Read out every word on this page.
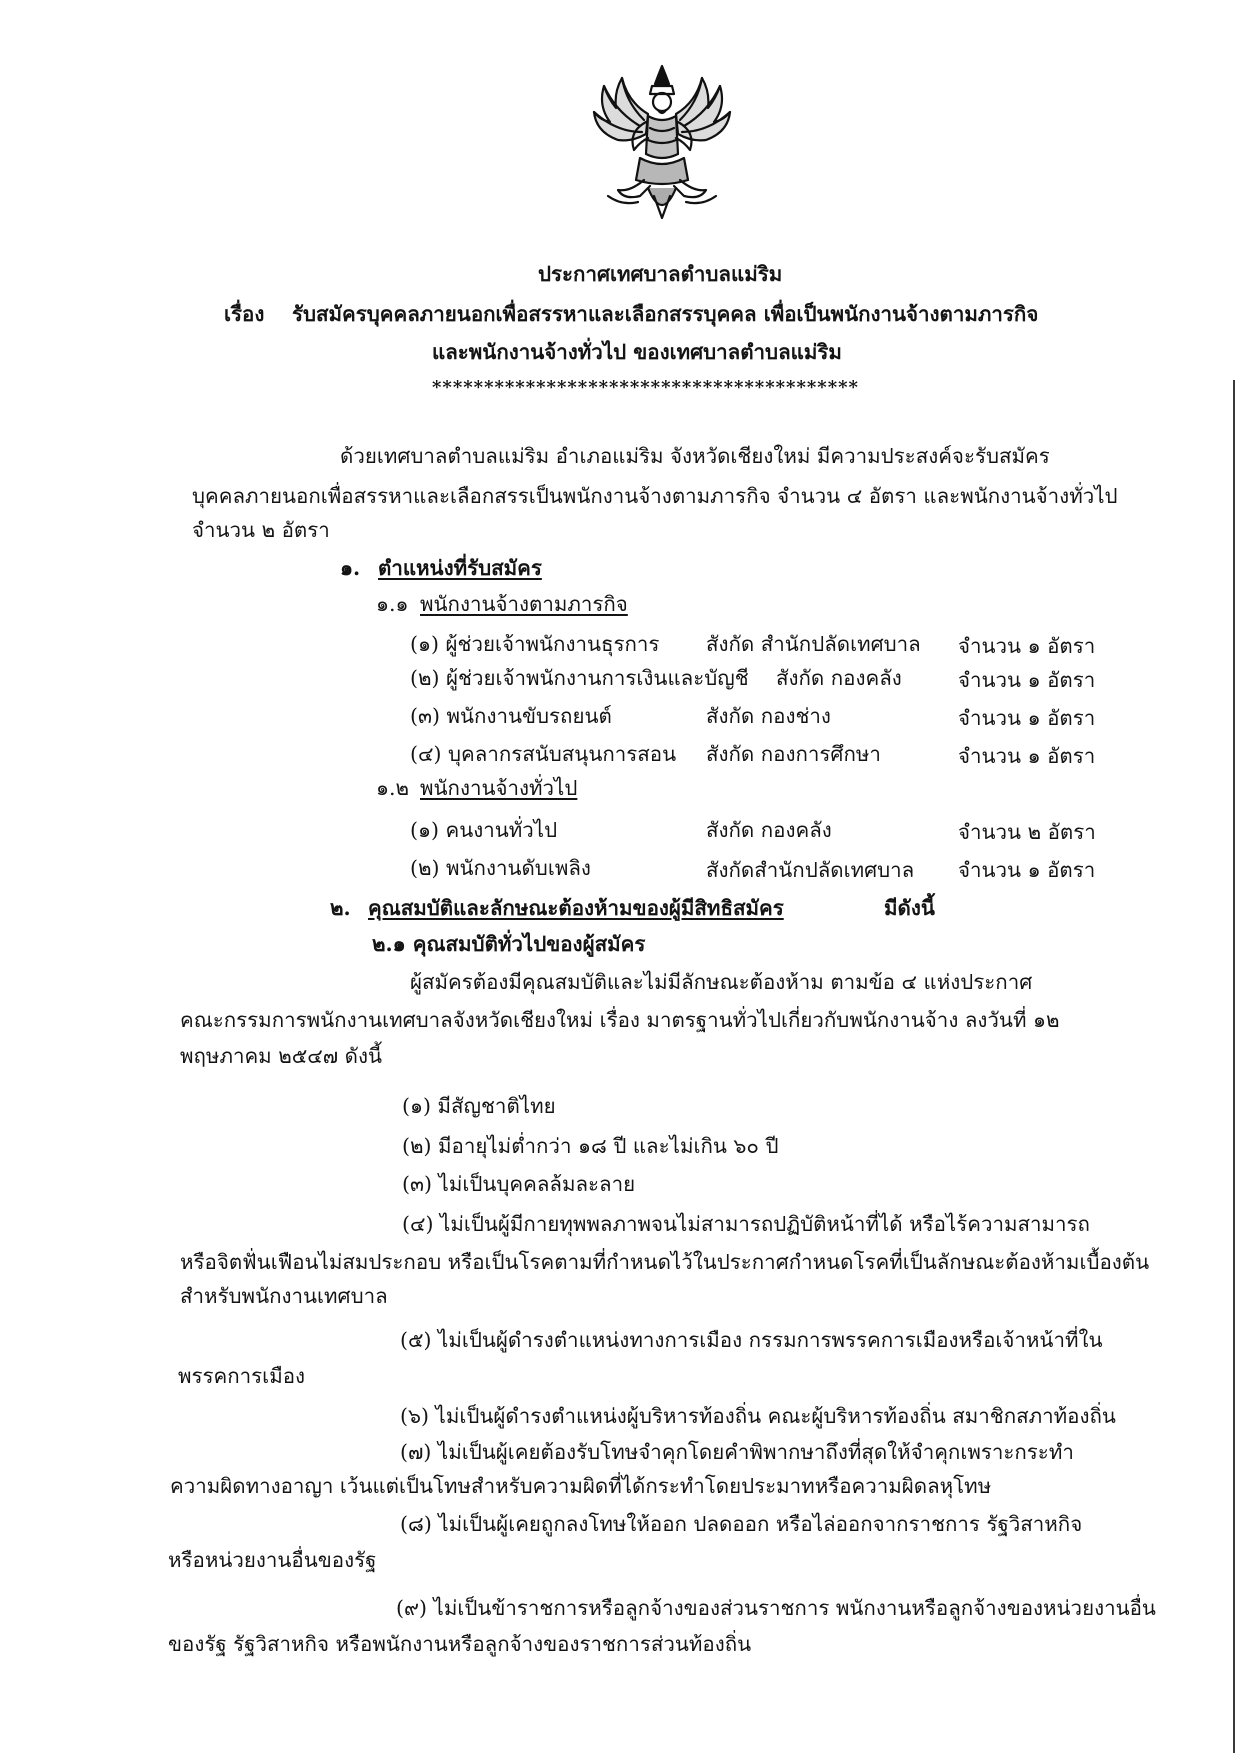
ประกาศเทศบาลตำบลแม่ริม
เรื่อง รับสมัครบุคคลภายนอกเพื่อสรรหาและเลือกสรรบุคคล เพื่อเป็นพนักงานจ้างตามภารกิจ
และพนักงานจ้างทั่วไป ของเทศบาลตำบลแม่ริม
*****************************************
ด้วยเทศบาลตำบลแม่ริม อำเภอแม่ริม จังหวัดเชียงใหม่ มีความประสงค์จะรับสมัคร
บุคคลภายนอกเพื่อสรรหาและเลือกสรรเป็นพนักงานจ้างตามภารกิจ จำนวน ๔ อัตรา และพนักงานจ้างทั่วไป
จำนวน ๒ อัตรา
๑. ตำแหน่งที่รับสมัคร
๑.๑ พนักงานจ้างตามภารกิจ
(๑) ผู้ช่วยเจ้าพนักงานธุรการ สังกัด สำนักปลัดเทศบาล จำนวน ๑ อัตรา
(๒) ผู้ช่วยเจ้าพนักงานการเงินและบัญชี สังกัด กองคลัง	จำนวน ๑ อัตรา
(๓) พนักงานขับรถยนต์	สังกัด กองช่าง	จำนวน ๑ อัตรา
(๔) บุคลากรสนับสนุนการสอน สังกัด กองการศึกษา	จำนวน ๑ อัตรา
๑.๒ พนักงานจ้างทั่วไป
(๑) คนงานทั่วไป	สังกัด กองคลัง	จำนวน ๒ อัตรา
(๒) พนักงานดับเพลิง	สังกัดสำนักปลัดเทศบาล จำนวน ๑ อัตรา
๒. คุณสมบัติและลักษณะต้องห้ามของผู้มีสิทธิสมัคร	มีดังนี้
๒.๑ คุณสมบัติทั่วไปของผู้สมัคร
ผู้สมัครต้องมีคุณสมบัติและไม่มีลักษณะต้องห้าม ตามข้อ ๔ แห่งประกาศ
คณะกรรมการพนักงานเทศบาลจังหวัดเชียงใหม่ เรื่อง มาตรฐานทั่วไปเกี่ยวกับพนักงานจ้าง ลงวันที่ ๑๒
พฤษภาคม ๒๕๔๗ ดังนี้
(๑) มีสัญชาติไทย
(๒) มีอายุไม่ต่ำกว่า ๑๘ ปี และไม่เกิน ๖๐ ปี
(๓) ไม่เป็นบุคคลล้มละลาย
(๔) ไม่เป็นผู้มีกายทุพพลภาพจนไม่สามารถปฏิบัติหน้าที่ได้ หรือไร้ความสามารถ
หรือจิตฟั่นเฟือนไม่สมประกอบ หรือเป็นโรคตามที่กำหนดไว้ในประกาศกำหนดโรคที่เป็นลักษณะต้องห้ามเบื้องต้น
สำหรับพนักงานเทศบาล
(๕) ไม่เป็นผู้ดำรงตำแหน่งทางการเมือง กรรมการพรรคการเมืองหรือเจ้าหน้าที่ใน
พรรคการเมือง
(๖) ไม่เป็นผู้ดำรงตำแหน่งผู้บริหารท้องถิ่น คณะผู้บริหารท้องถิ่น สมาชิกสภาท้องถิ่น
(๗) ไม่เป็นผู้เคยต้องรับโทษจำคุกโดยคำพิพากษาถึงที่สุดให้จำคุกเพราะกระทำ
ความผิดทางอาญา เว้นแต่เป็นโทษสำหรับความผิดที่ได้กระทำโดยประมาทหรือความผิดลหุโทษ
(๘) ไม่เป็นผู้เคยถูกลงโทษให้ออก ปลดออก หรือไล่ออกจากราชการ รัฐวิสาหกิจ
หรือหน่วยงานอื่นของรัฐ
(๙) ไม่เป็นข้าราชการหรือลูกจ้างของส่วนราชการ พนักงานหรือลูกจ้างของหน่วยงานอื่น
ของรัฐ รัฐวิสาหกิจ หรือพนักงานหรือลูกจ้างของราชการส่วนท้องถิ่น
